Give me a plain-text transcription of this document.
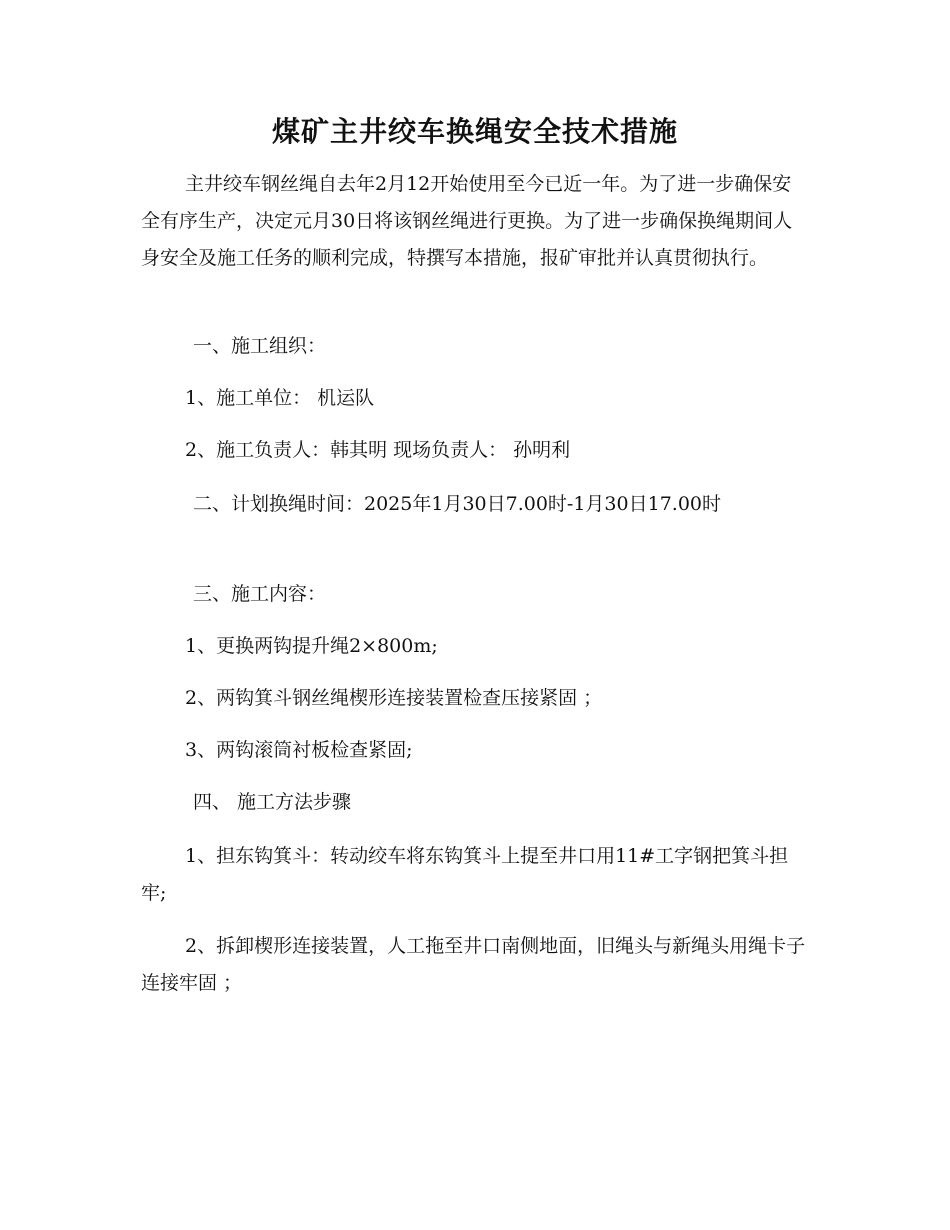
煤矿主井绞车换绳安全技术措施

主井绞车钢丝绳自去年2月12开始使用至今已近一年。为了进一步确保安全有序生产，决定元月30日将该钢丝绳进行更换。为了进一步确保换绳期间人身安全及施工任务的顺利完成，特撰写本措施，报矿审批并认真贯彻执行。

一、施工组织：

1、施工单位： 机运队

2、施工负责人：韩其明 现场负责人： 孙明利

二、计划换绳时间：2025年1月30日7.00时-1月30日17.00时

三、施工内容：

1、更换两钩提升绳2×800m;

2、两钩箕斗钢丝绳楔形连接装置检查压接紧固 ；

3、两钩滚筒衬板检查紧固;

四、 施工方法步骤

1、担东钩箕斗：转动绞车将东钩箕斗上提至井口用11#工字钢把箕斗担牢;

2、拆卸楔形连接装置，人工拖至井口南侧地面，旧绳头与新绳头用绳卡子连接牢固 ；
